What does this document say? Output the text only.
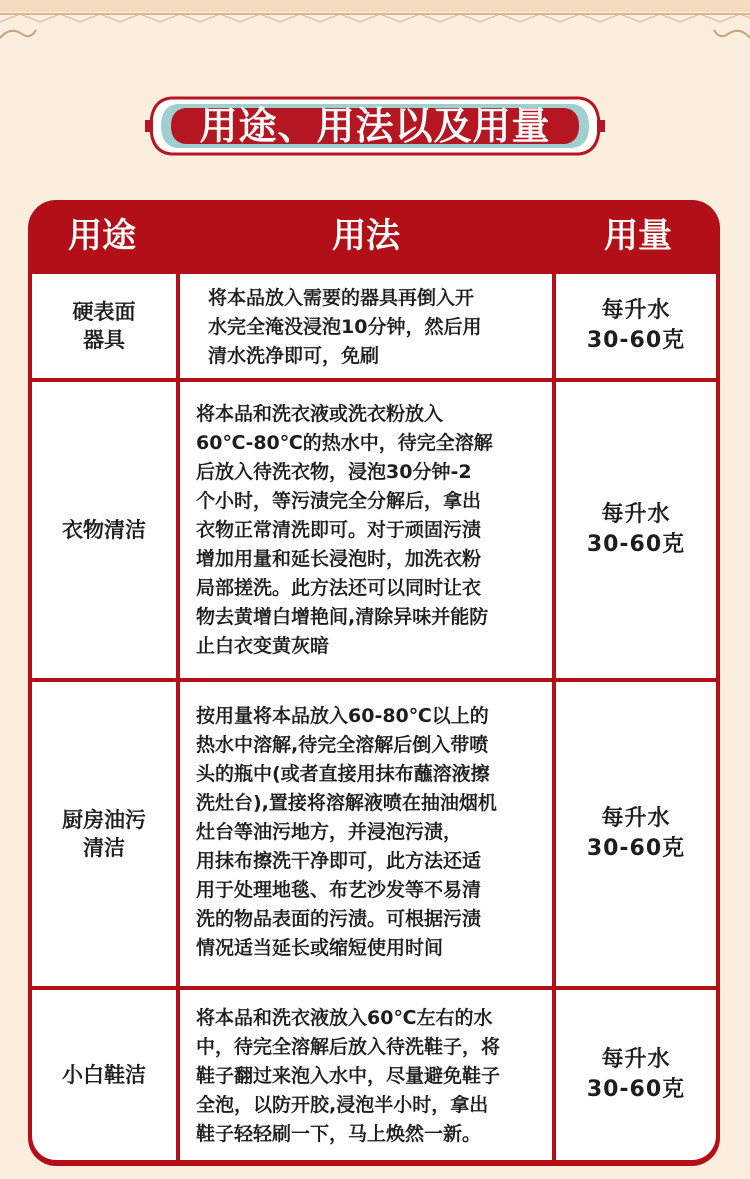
用途、用法以及用量
用途	用法	用量
硬表面
器具
将本品放入需要的器具再倒入开
水完全淹没浸泡10分钟，然后用
清水洗净即可，免刷
每升水
30-60克
衣物清洁
将本品和洗衣液或洗衣粉放入
60℃-80℃的热水中，待完全溶解
后放入待洗衣物，浸泡30分钟-2
个小时，等污渍完全分解后，拿出
衣物正常清洗即可。对于顽固污渍
增加用量和延长浸泡时，加洗衣粉
局部搓洗。此方法还可以同时让衣
物去黄增白增艳间,清除异味并能防
止白衣变黄灰暗
每升水
30-60克
厨房油污
清洁
按用量将本品放入60-80℃以上的
热水中溶解,待完全溶解后倒入带喷
头的瓶中(或者直接用抹布蘸溶液擦
洗灶台),置接将溶解液喷在抽油烟机
灶台等油污地方，并浸泡污渍，
用抹布擦洗干净即可，此方法还适
用于处理地毯、布艺沙发等不易清
洗的物品表面的污渍。可根据污渍
情况适当延长或缩短使用时间
每升水
30-60克
小白鞋洁
将本品和洗衣液放入60℃左右的水
中，待完全溶解后放入待洗鞋子，将
鞋子翻过来泡入水中，尽量避免鞋子
全泡，以防开胶,浸泡半小时，拿出
鞋子轻轻刷一下，马上焕然一新。
每升水
30-60克
